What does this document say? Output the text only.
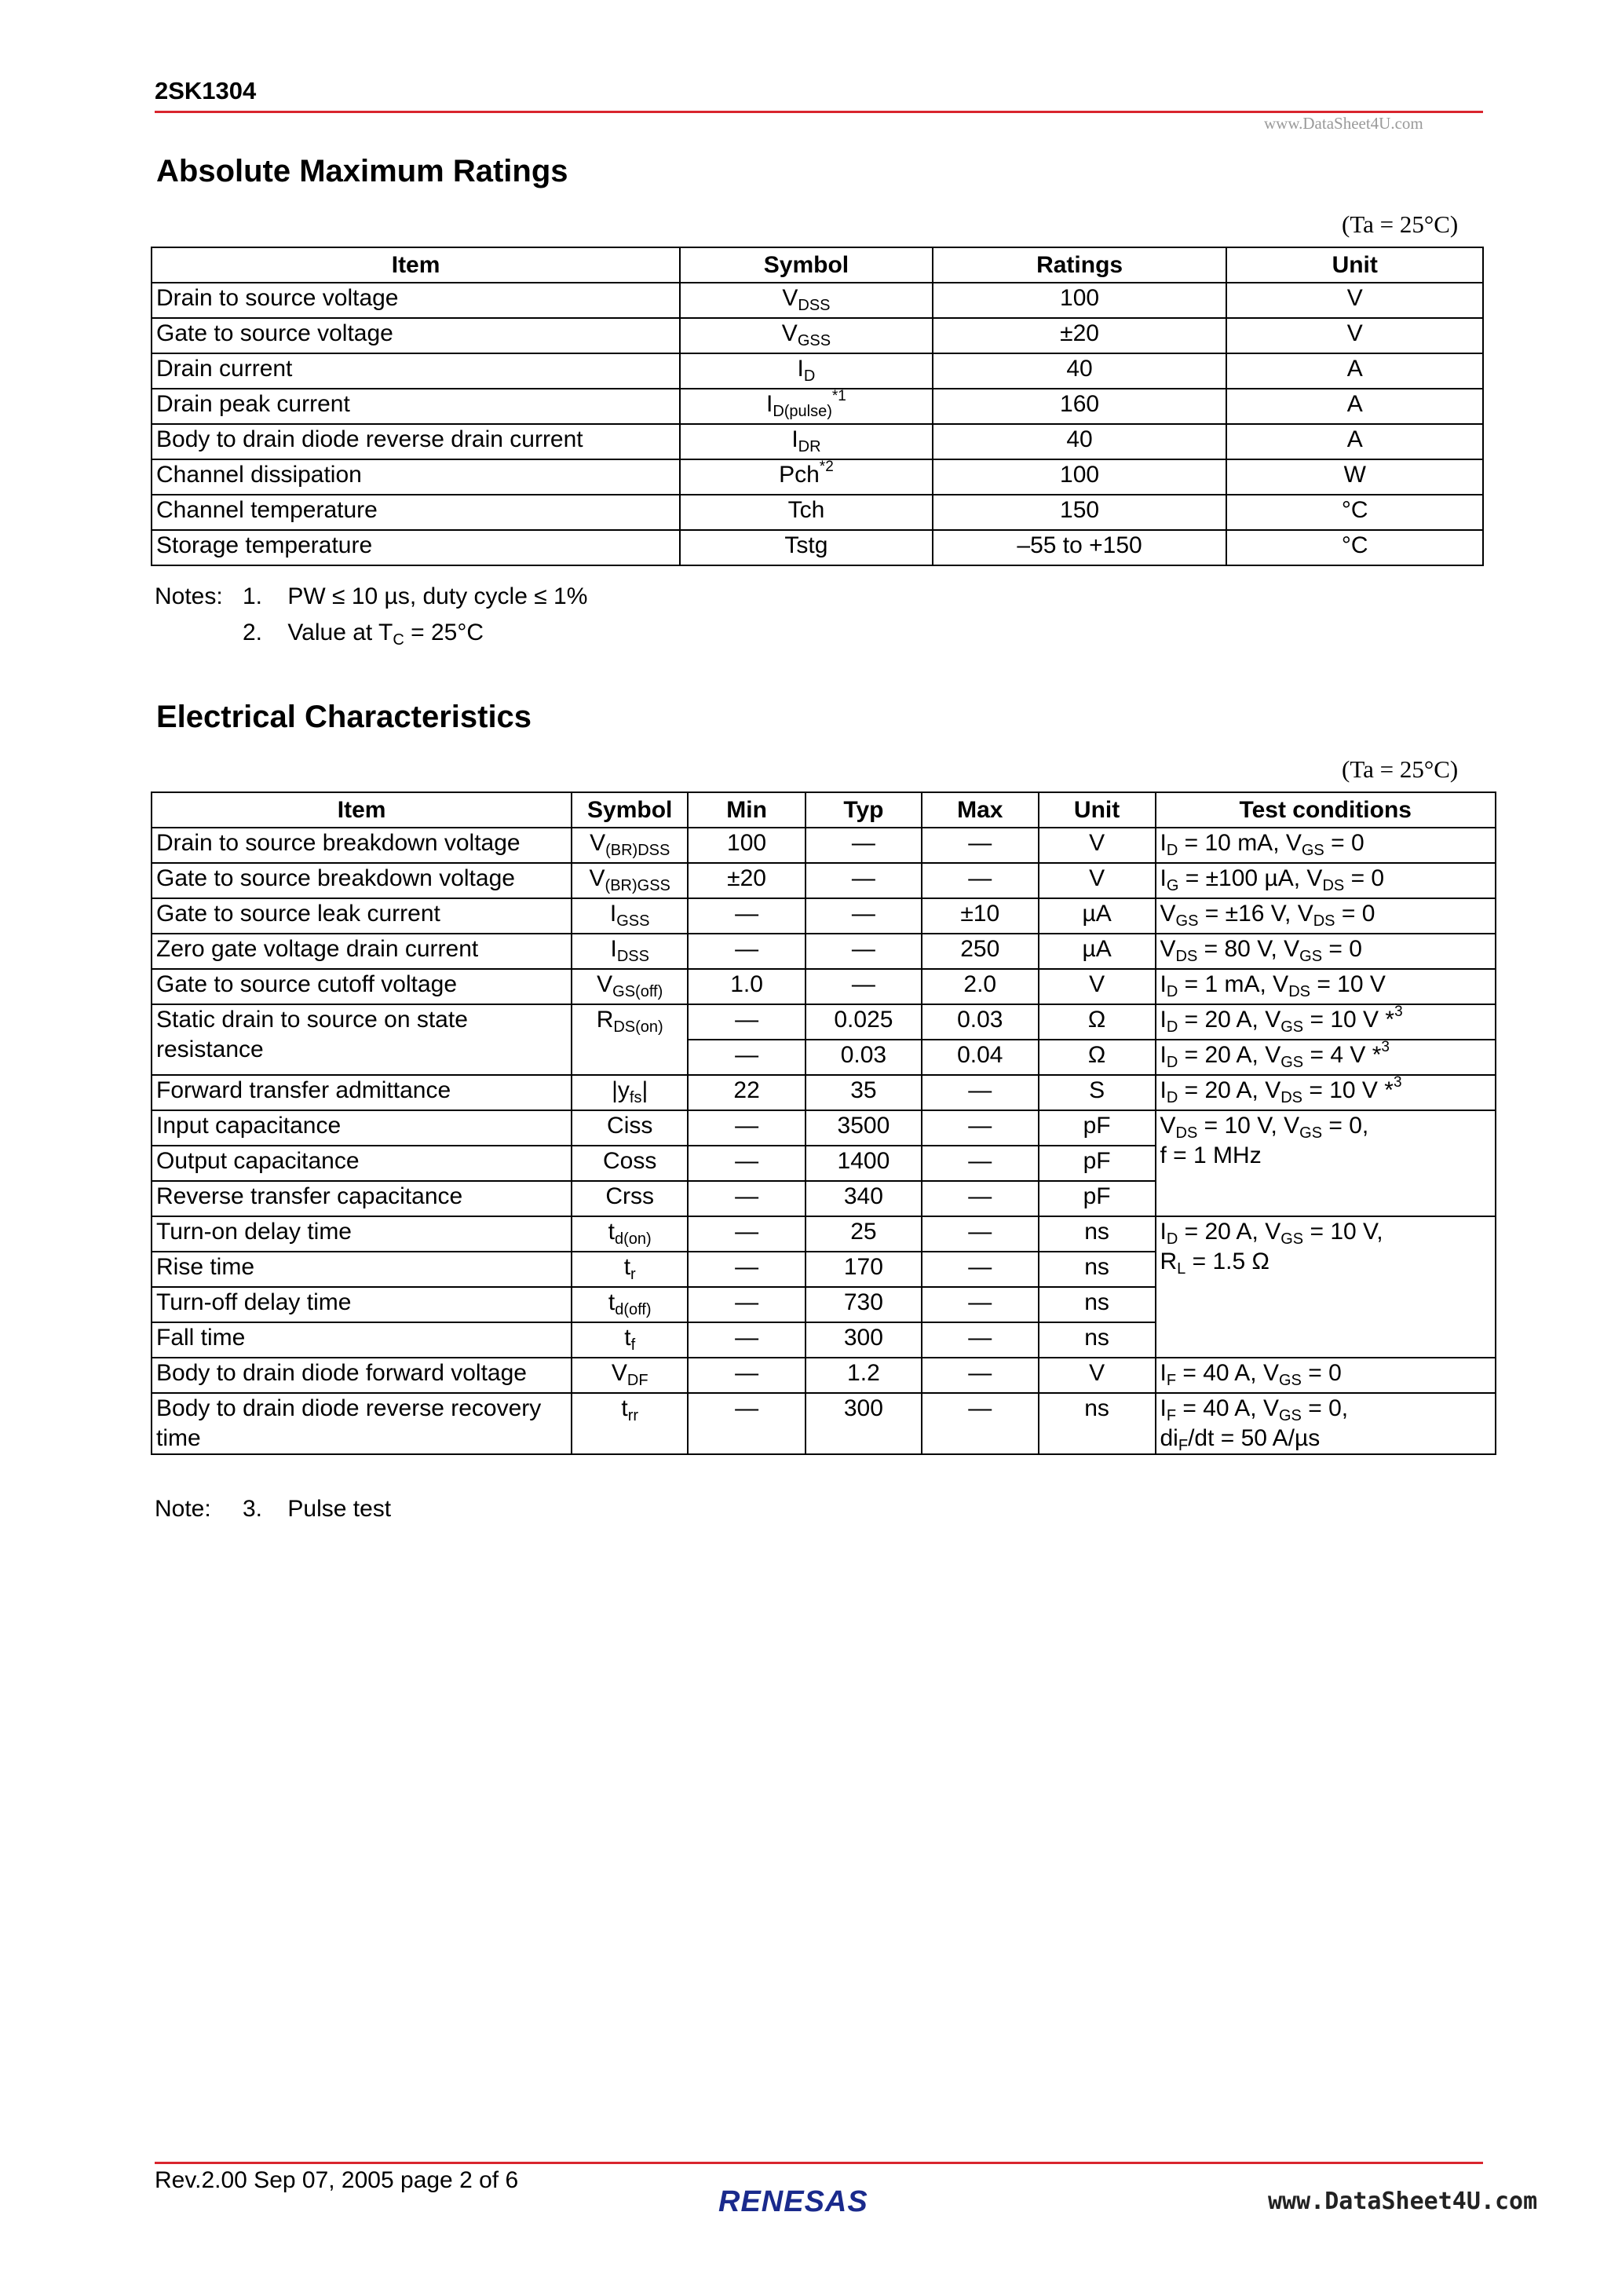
2SK1304
www.DataSheet4U.com
Absolute Maximum Ratings
(Ta = 25°C)
Item	Symbol	Ratings	Unit
Drain to source voltage	$V_{DSS}$	100	V
Gate to source voltage	$V_{GSS}$	±20	V
Drain current	$I_D$	40	A
Drain peak current	$I_{D(pulse)}^{*1}$	160	A
Body to drain diode reverse drain current	$I_{DR}$	40	A
Channel dissipation	Pch$^{*2}$	100	W
Channel temperature	Tch	150	°C
Storage temperature	Tstg	–55 to +150	°C
Notes: 1. PW ≤ 10 µs, duty cycle ≤ 1%
2. Value at $T_C = 25^\circ C$
Electrical Characteristics
(Ta = 25°C)
Item	Symbol	Min	Typ	Max	Unit	Test conditions
Drain to source breakdown voltage	$V_{(BR)DSS}$	100	—	—	V	$I_D = 10$ mA, $V_{GS} = 0$
Gate to source breakdown voltage	$V_{(BR)GSS}$	±20	—	—	V	$I_G = \pm 100$ µA, $V_{DS} = 0$
Gate to source leak current	$I_{GSS}$	—	—	±10	µA	$V_{GS} = \pm 16$ V, $V_{DS} = 0$
Zero gate voltage drain current	$I_{DSS}$	—	—	250	µA	$V_{DS} = 80$ V, $V_{GS} = 0$
Gate to source cutoff voltage	$V_{GS(off)}$	1.0	—	2.0	V	$I_D = 1$ mA, $V_{DS} = 10$ V
Static drain to source on state resistance	$R_{DS(on)}$	—	0.025	0.03	Ω	$I_D = 20$ A, $V_{GS} = 10$ V *$^3$
		—	0.03	0.04	Ω	$I_D = 20$ A, $V_{GS} = 4$ V *$^3$
Forward transfer admittance	$|y_{fs}|$	22	35	—	S	$I_D = 20$ A, $V_{DS} = 10$ V *$^3$
Input capacitance	Ciss	—	3500	—	pF	$V_{DS} = 10$ V, $V_{GS} = 0$,
f = 1 MHz
Output capacitance	Coss	—	1400	—	pF	
Reverse transfer capacitance	Crss	—	340	—	pF	
Turn-on delay time	$t_{d(on)}$	—	25	—	ns	$I_D = 20$ A, $V_{GS} = 10$ V,
$R_L = 1.5$ Ω
Rise time	$t_r$	—	170	—	ns	
Turn-off delay time	$t_{d(off)}$	—	730	—	ns	
Fall time	$t_f$	—	300	—	ns	
Body to drain diode forward voltage	$V_{DF}$	—	1.2	—	V	$I_F = 40$ A, $V_{GS} = 0$
Body to drain diode reverse recovery time	$t_{rr}$	—	300	—	ns	$I_F = 40$ A, $V_{GS} = 0$,
$di_F/dt = 50$ A/µs
Note: 3. Pulse test
Rev.2.00 Sep 07, 2005 page 2 of 6
RENESAS	www.DataSheet4U.com
